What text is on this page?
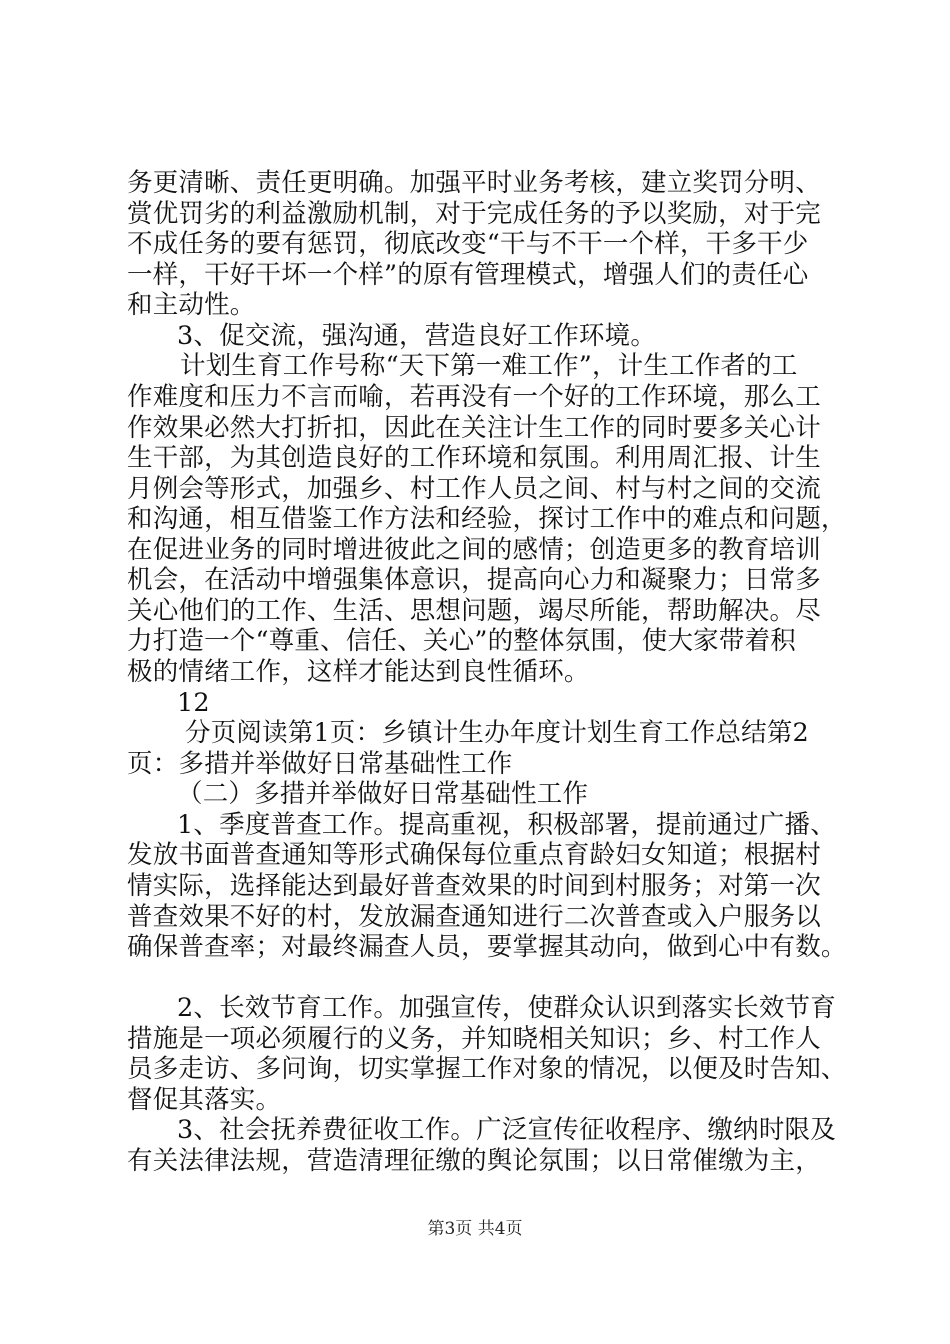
务更清晰、责任更明确。加强平时业务考核，建立奖罚分明、
赏优罚劣的利益激励机制，对于完成任务的予以奖励，对于完
不成任务的要有惩罚，彻底改变“干与不干一个样，干多干少
一样，干好干坏一个样”的原有管理模式，增强人们的责任心
和主动性。
3、促交流，强沟通，营造良好工作环境。
计划生育工作号称“天下第一难工作”，计生工作者的工
作难度和压力不言而喻，若再没有一个好的工作环境，那么工
作效果必然大打折扣，因此在关注计生工作的同时要多关心计
生干部，为其创造良好的工作环境和氛围。利用周汇报、计生
月例会等形式，加强乡、村工作人员之间、村与村之间的交流
和沟通，相互借鉴工作方法和经验，探讨工作中的难点和问题，
在促进业务的同时增进彼此之间的感情；创造更多的教育培训
机会，在活动中增强集体意识，提高向心力和凝聚力；日常多
关心他们的工作、生活、思想问题，竭尽所能，帮助解决。尽
力打造一个“尊重、信任、关心”的整体氛围，使大家带着积
极的情绪工作，这样才能达到良性循环。
12
分页阅读第1页：乡镇计生办年度计划生育工作总结第2
页：多措并举做好日常基础性工作
（二）多措并举做好日常基础性工作
1、季度普查工作。提高重视，积极部署，提前通过广播、
发放书面普查通知等形式确保每位重点育龄妇女知道；根据村
情实际，选择能达到最好普查效果的时间到村服务；对第一次
普查效果不好的村，发放漏查通知进行二次普查或入户服务以
确保普查率；对最终漏查人员，要掌握其动向，做到心中有数。
2、长效节育工作。加强宣传，使群众认识到落实长效节育
措施是一项必须履行的义务，并知晓相关知识；乡、村工作人
员多走访、多问询，切实掌握工作对象的情况，以便及时告知、
督促其落实。
3、社会抚养费征收工作。广泛宣传征收程序、缴纳时限及
有关法律法规，营造清理征缴的舆论氛围；以日常催缴为主，
第3页 共4页
